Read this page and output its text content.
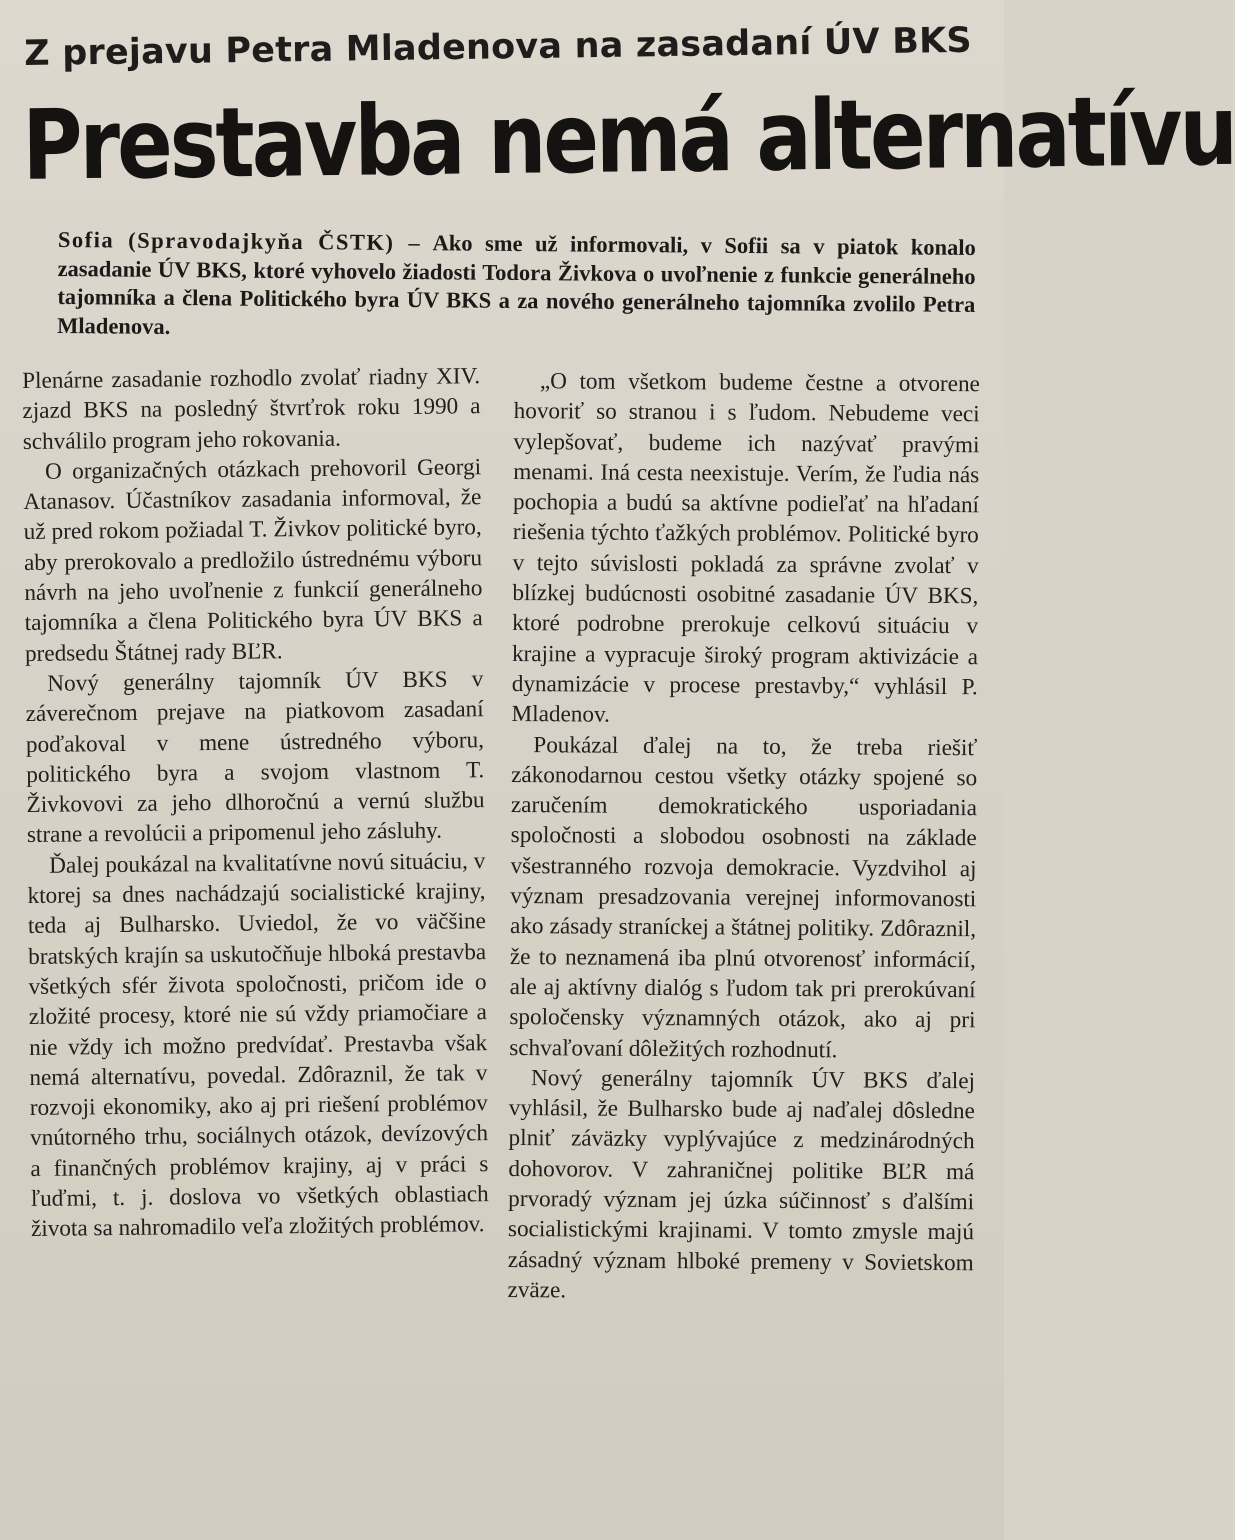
Z prejavu Petra Mladenova na zasadaní ÚV BKS
Prestavba nemá alternatívu
Sofia (Spravodajkyňa ČSTK) – Ako sme už informovali, v Sofii sa v piatok konalo zasadanie ÚV BKS, ktoré vyhovelo žiadosti Todora Živkova o uvoľnenie z funkcie generálneho tajomníka a člena Politického byra ÚV BKS a za nového generálneho tajomníka zvolilo Petra Mladenova.

Plenárne zasadanie rozhodlo zvolať riadny XIV. zjazd BKS na posledný štvrťrok roku 1990 a schválilo program jeho rokovania.

O organizačných otázkach prehovoril Georgi Atanasov. Účastníkov zasadania informoval, že už pred rokom požiadal T. Živkov politické byro, aby prerokovalo a predložilo ústrednému výboru návrh na jeho uvoľnenie z funkcií generálneho tajomníka a člena Politického byra ÚV BKS a predsedu Štátnej rady BĽR.

Nový generálny tajomník ÚV BKS v záverečnom prejave na piatkovom zasadaní poďakoval v mene ústredného výboru, politického byra a svojom vlastnom T. Živkovovi za jeho dlhoročnú a vernú službu strane a revolúcii a pripomenul jeho zásluhy.

Ďalej poukázal na kvalitatívne novú situáciu, v ktorej sa dnes nachádzajú socialistické krajiny, teda aj Bulharsko. Uviedol, že vo väčšine bratských krajín sa uskutočňuje hlboká prestavba všetkých sfér života spoločnosti, pričom ide o zložité procesy, ktoré nie sú vždy priamočiare a nie vždy ich možno predvídať. Prestavba však nemá alternatívu, povedal. Zdôraznil, že tak v rozvoji ekonomiky, ako aj pri riešení problémov vnútorného trhu, sociálnych otázok, devízových a finančných problémov krajiny, aj v práci s ľuďmi, t. j. doslova vo všetkých oblastiach života sa nahromadilo veľa zložitých problémov.

„O tom všetkom budeme čestne a otvorene hovoriť so stranou i s ľudom. Nebudeme veci vylepšovať, budeme ich nazývať pravými menami. Iná cesta neexistuje. Verím, že ľudia nás pochopia a budú sa aktívne podieľať na hľadaní riešenia týchto ťažkých problémov. Politické byro v tejto súvislosti pokladá za správne zvolať v blízkej budúcnosti osobitné zasadanie ÚV BKS, ktoré podrobne prerokuje celkovú situáciu v krajine a vypracuje široký program aktivizácie a dynamizácie v procese prestavby,“ vyhlásil P. Mladenov.

Poukázal ďalej na to, že treba riešiť zákonodarnou cestou všetky otázky spojené so zaručením demokratického usporiadania spoločnosti a slobodou osobnosti na základe všestranného rozvoja demokracie. Vyzdvihol aj význam presadzovania verejnej informovanosti ako zásady straníckej a štátnej politiky. Zdôraznil, že to neznamená iba plnú otvorenosť informácií, ale aj aktívny dialóg s ľudom tak pri prerokúvaní spoločensky významných otázok, ako aj pri schvaľovaní dôležitých rozhodnutí.

Nový generálny tajomník ÚV BKS ďalej vyhlásil, že Bulharsko bude aj naďalej dôsledne plniť záväzky vyplývajúce z medzinárodných dohovorov. V zahraničnej politike BĽR má prvoradý význam jej úzka súčinnosť s ďalšími socialistickými krajinami. V tomto zmysle majú zásadný význam hlboké premeny v Sovietskom zväze.
